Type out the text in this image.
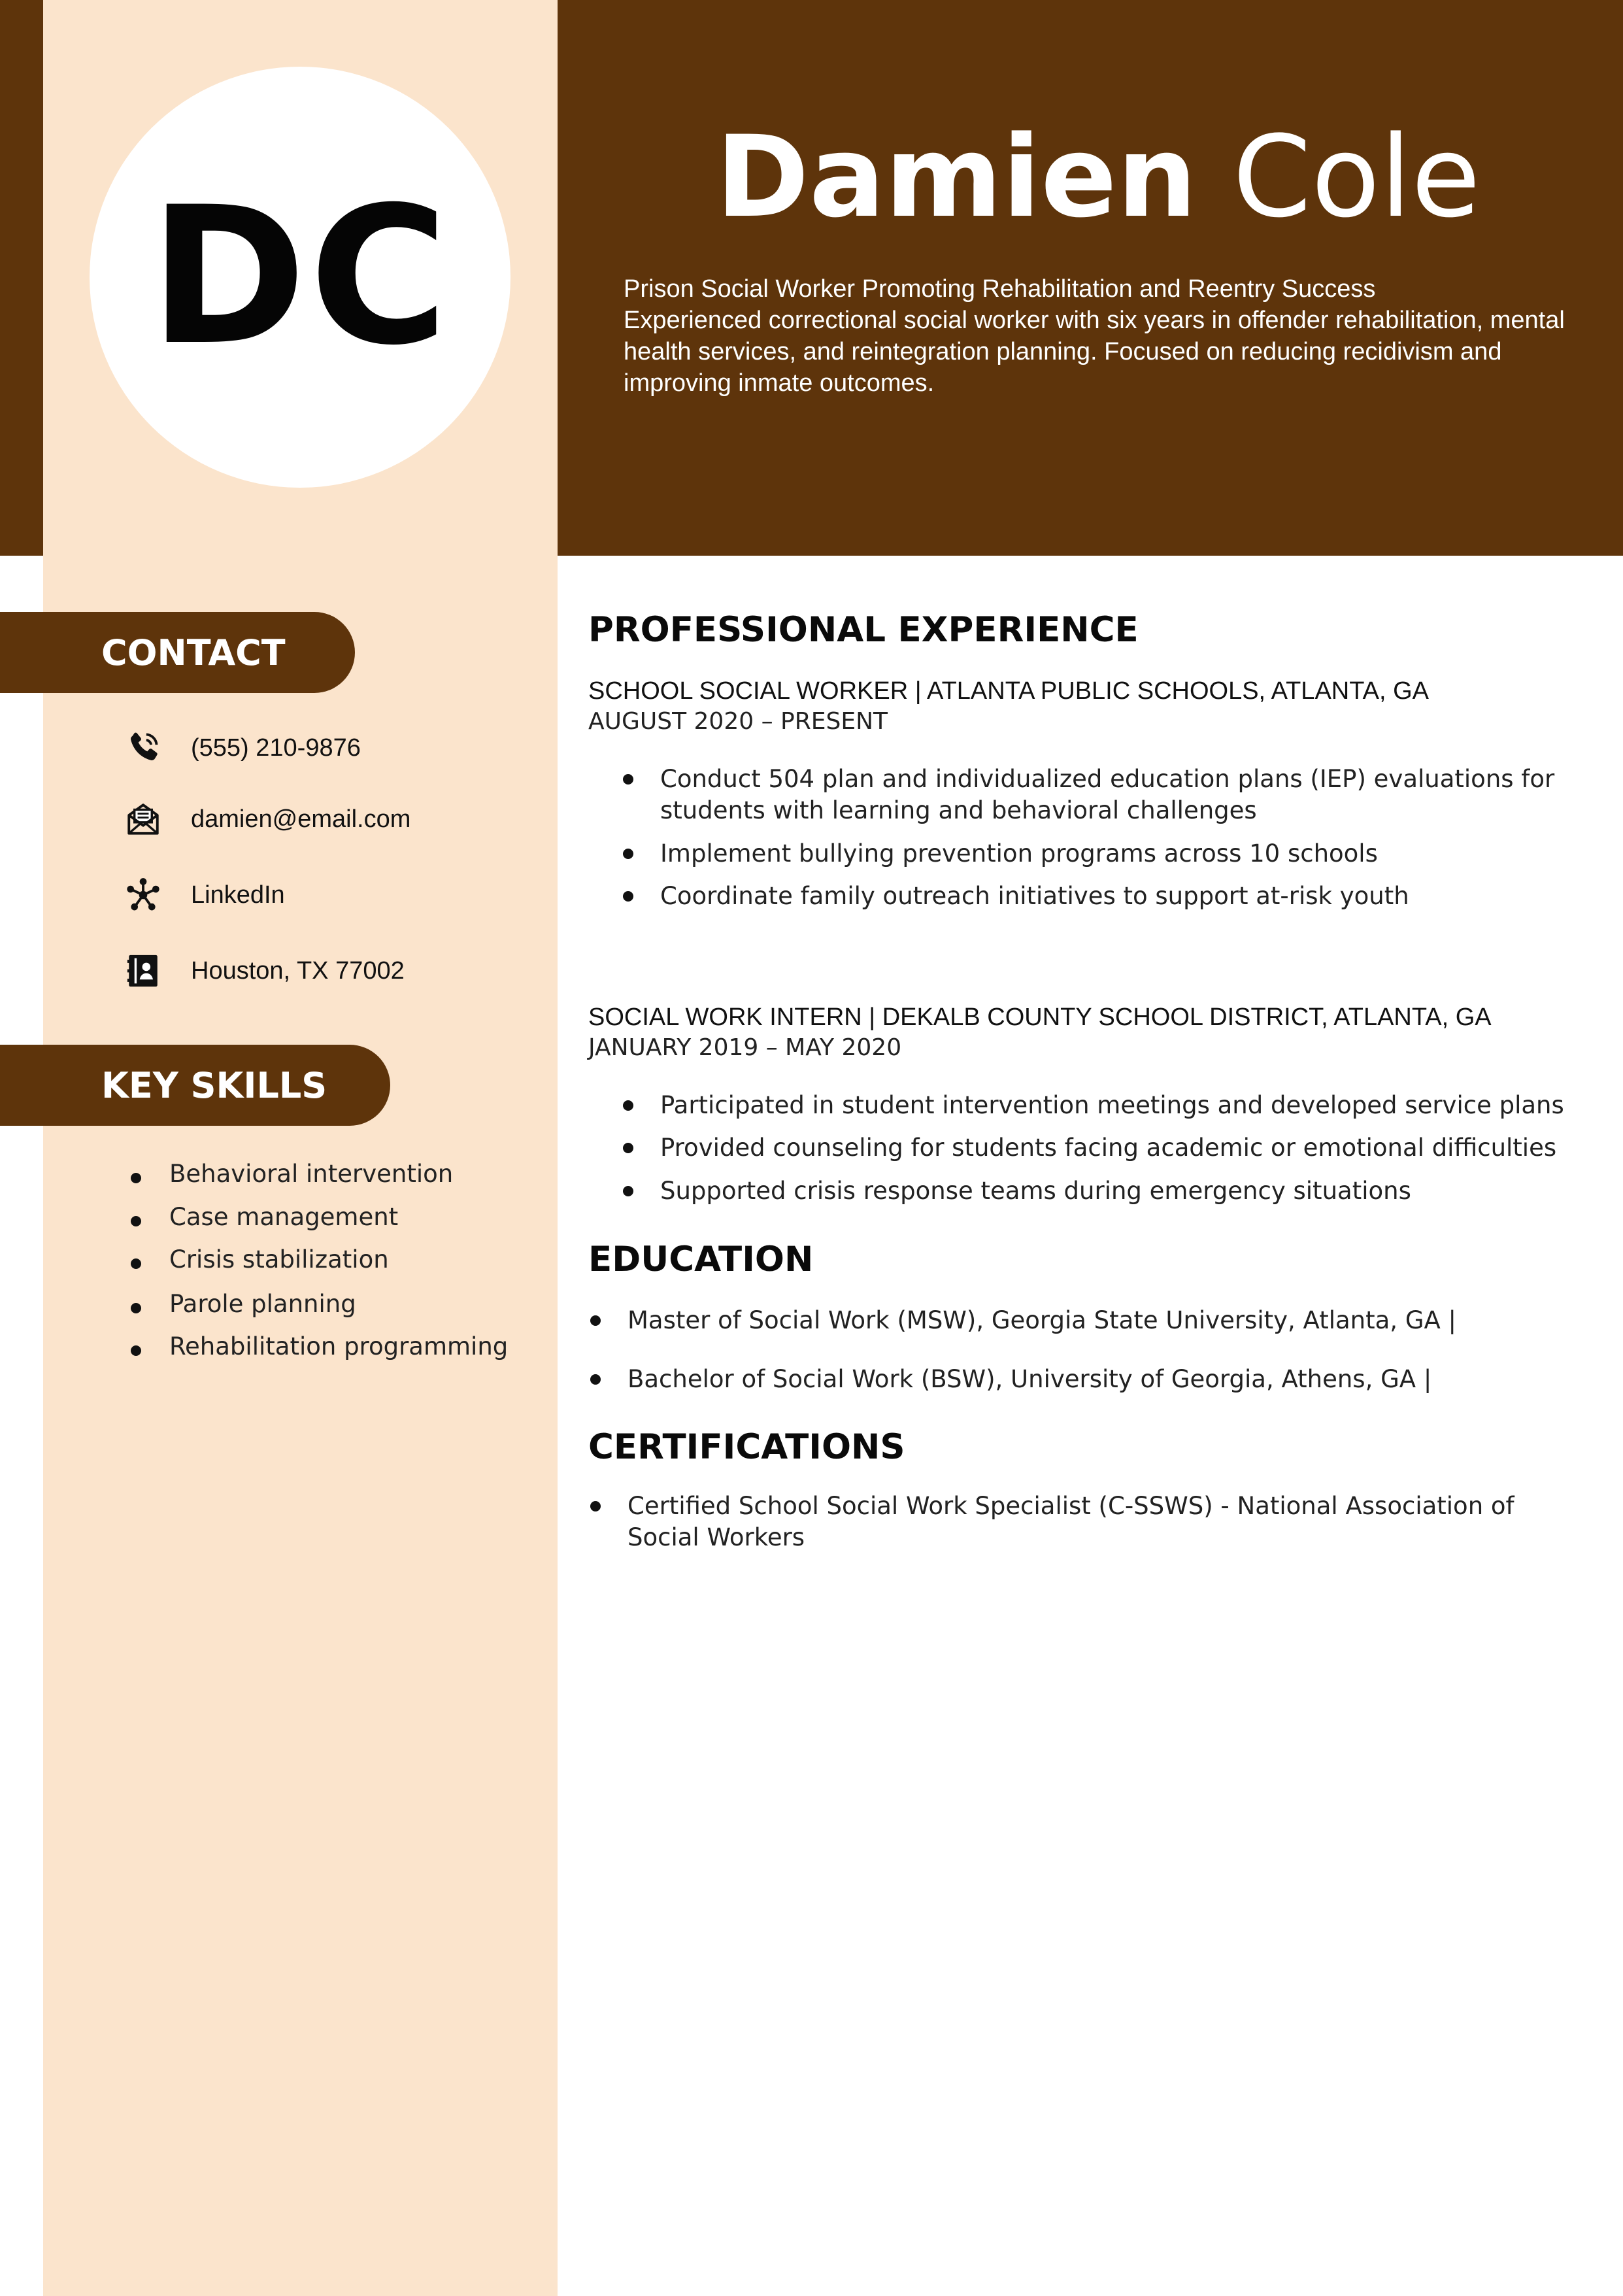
DC	Damien Cole
Prison Social Worker Promoting Rehabilitation and Reentry Success
Experienced correctional social worker with six years in offender rehabilitation, mental health services, and reintegration planning. Focused on reducing recidivism and improving inmate outcomes.
CONTACT
(555) 210-9876
damien@email.com
LinkedIn
Houston, TX 77002
KEY SKILLS
Behavioral intervention
Case management
Crisis stabilization
Parole planning
Rehabilitation programming
PROFESSIONAL EXPERIENCE
SCHOOL SOCIAL WORKER | ATLANTA PUBLIC SCHOOLS, ATLANTA, GA
AUGUST 2020 – PRESENT
Conduct 504 plan and individualized education plans (IEP) evaluations for students with learning and behavioral challenges
Implement bullying prevention programs across 10 schools
Coordinate family outreach initiatives to support at-risk youth
SOCIAL WORK INTERN | DEKALB COUNTY SCHOOL DISTRICT, ATLANTA, GA
JANUARY 2019 – MAY 2020
Participated in student intervention meetings and developed service plans
Provided counseling for students facing academic or emotional difficulties
Supported crisis response teams during emergency situations
EDUCATION
Master of Social Work (MSW), Georgia State University, Atlanta, GA |
Bachelor of Social Work (BSW), University of Georgia, Athens, GA |
CERTIFICATIONS
Certified School Social Work Specialist (C-SSWS) - National Association of Social Workers
